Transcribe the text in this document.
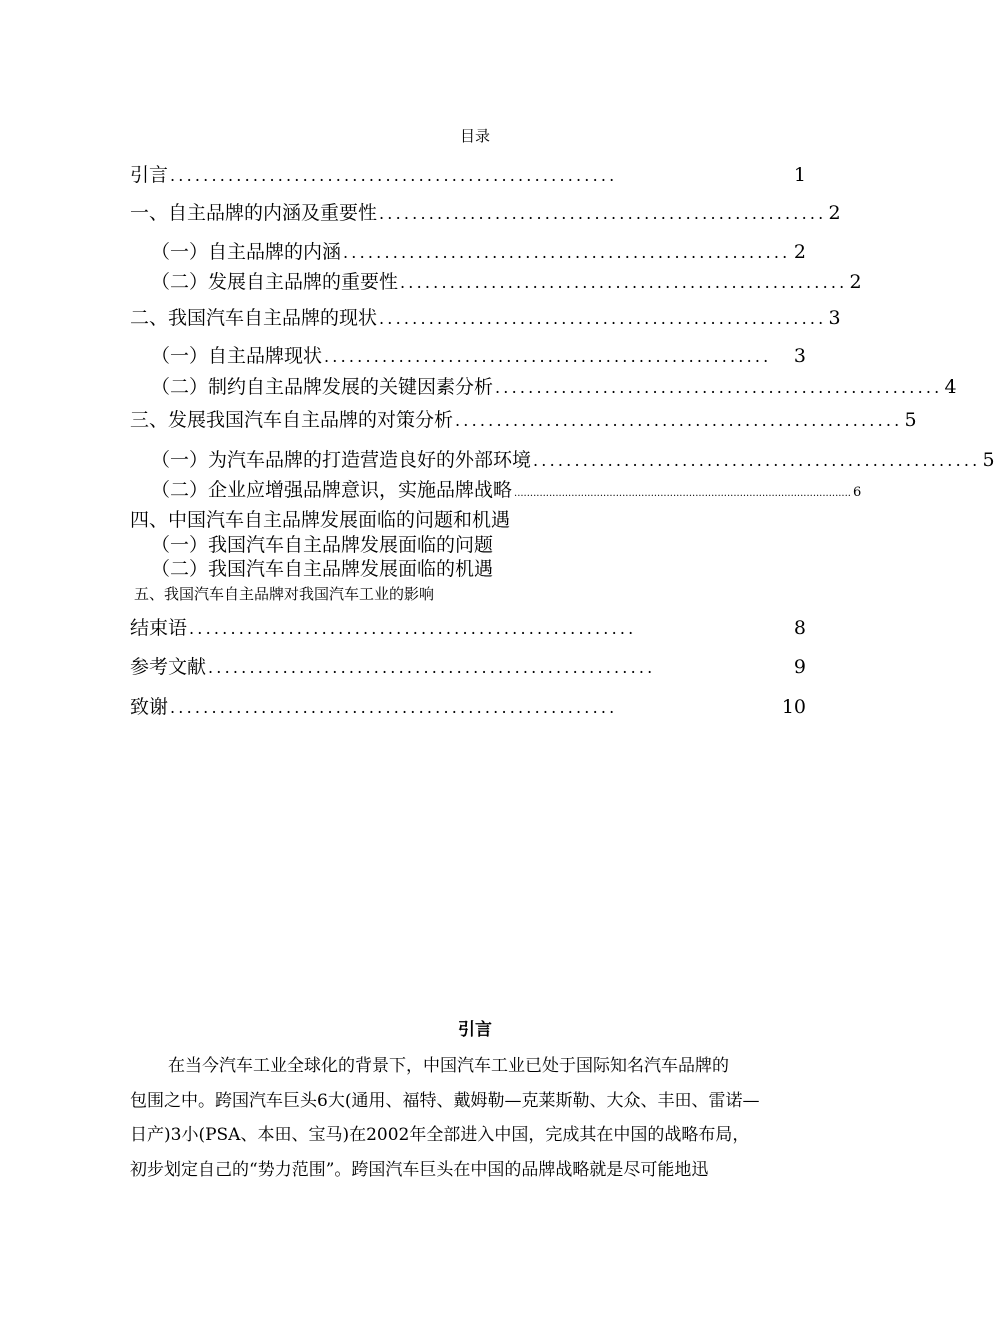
目录
引言 ......................................................	1
一、自主品牌的内涵及重要性 ...................................................... 2
（一）自主品牌的内涵 ...................................................... 2
（二）发展自主品牌的重要性 ...................................................... 2
二、我国汽车自主品牌的现状 ...................................................... 3
（一）自主品牌现状 ......................................................	3
（二）制约自主品牌发展的关键因素分析 ...................................................... 4
三、发展我国汽车自主品牌的对策分析 ...................................................... 5
（一）为汽车品牌的打造营造良好的外部环境 ...................................................... 5
（二）企业应增强品牌意识，实施品牌战略 .......................................................................................................... 6
四、中国汽车自主品牌发展面临的问题和机遇
（一）我国汽车自主品牌发展面临的问题
（二）我国汽车自主品牌发展面临的机遇
五、我国汽车自主品牌对我国汽车工业的影响
结束语 ......................................................	8
参考文献 ......................................................	9
致谢 ......................................................	10
引言
在当今汽车工业全球化的背景下，中国汽车工业已处于国际知名汽车品牌的
包围之中。跨国汽车巨头6大(通用、福特、戴姆勒—克莱斯勒、大众、丰田、雷诺—
日产)3小(PSA、本田、宝马)在2002年全部进入中国，完成其在中国的战略布局，
初步划定自己的“势力范围”。跨国汽车巨头在中国的品牌战略就是尽可能地迅
